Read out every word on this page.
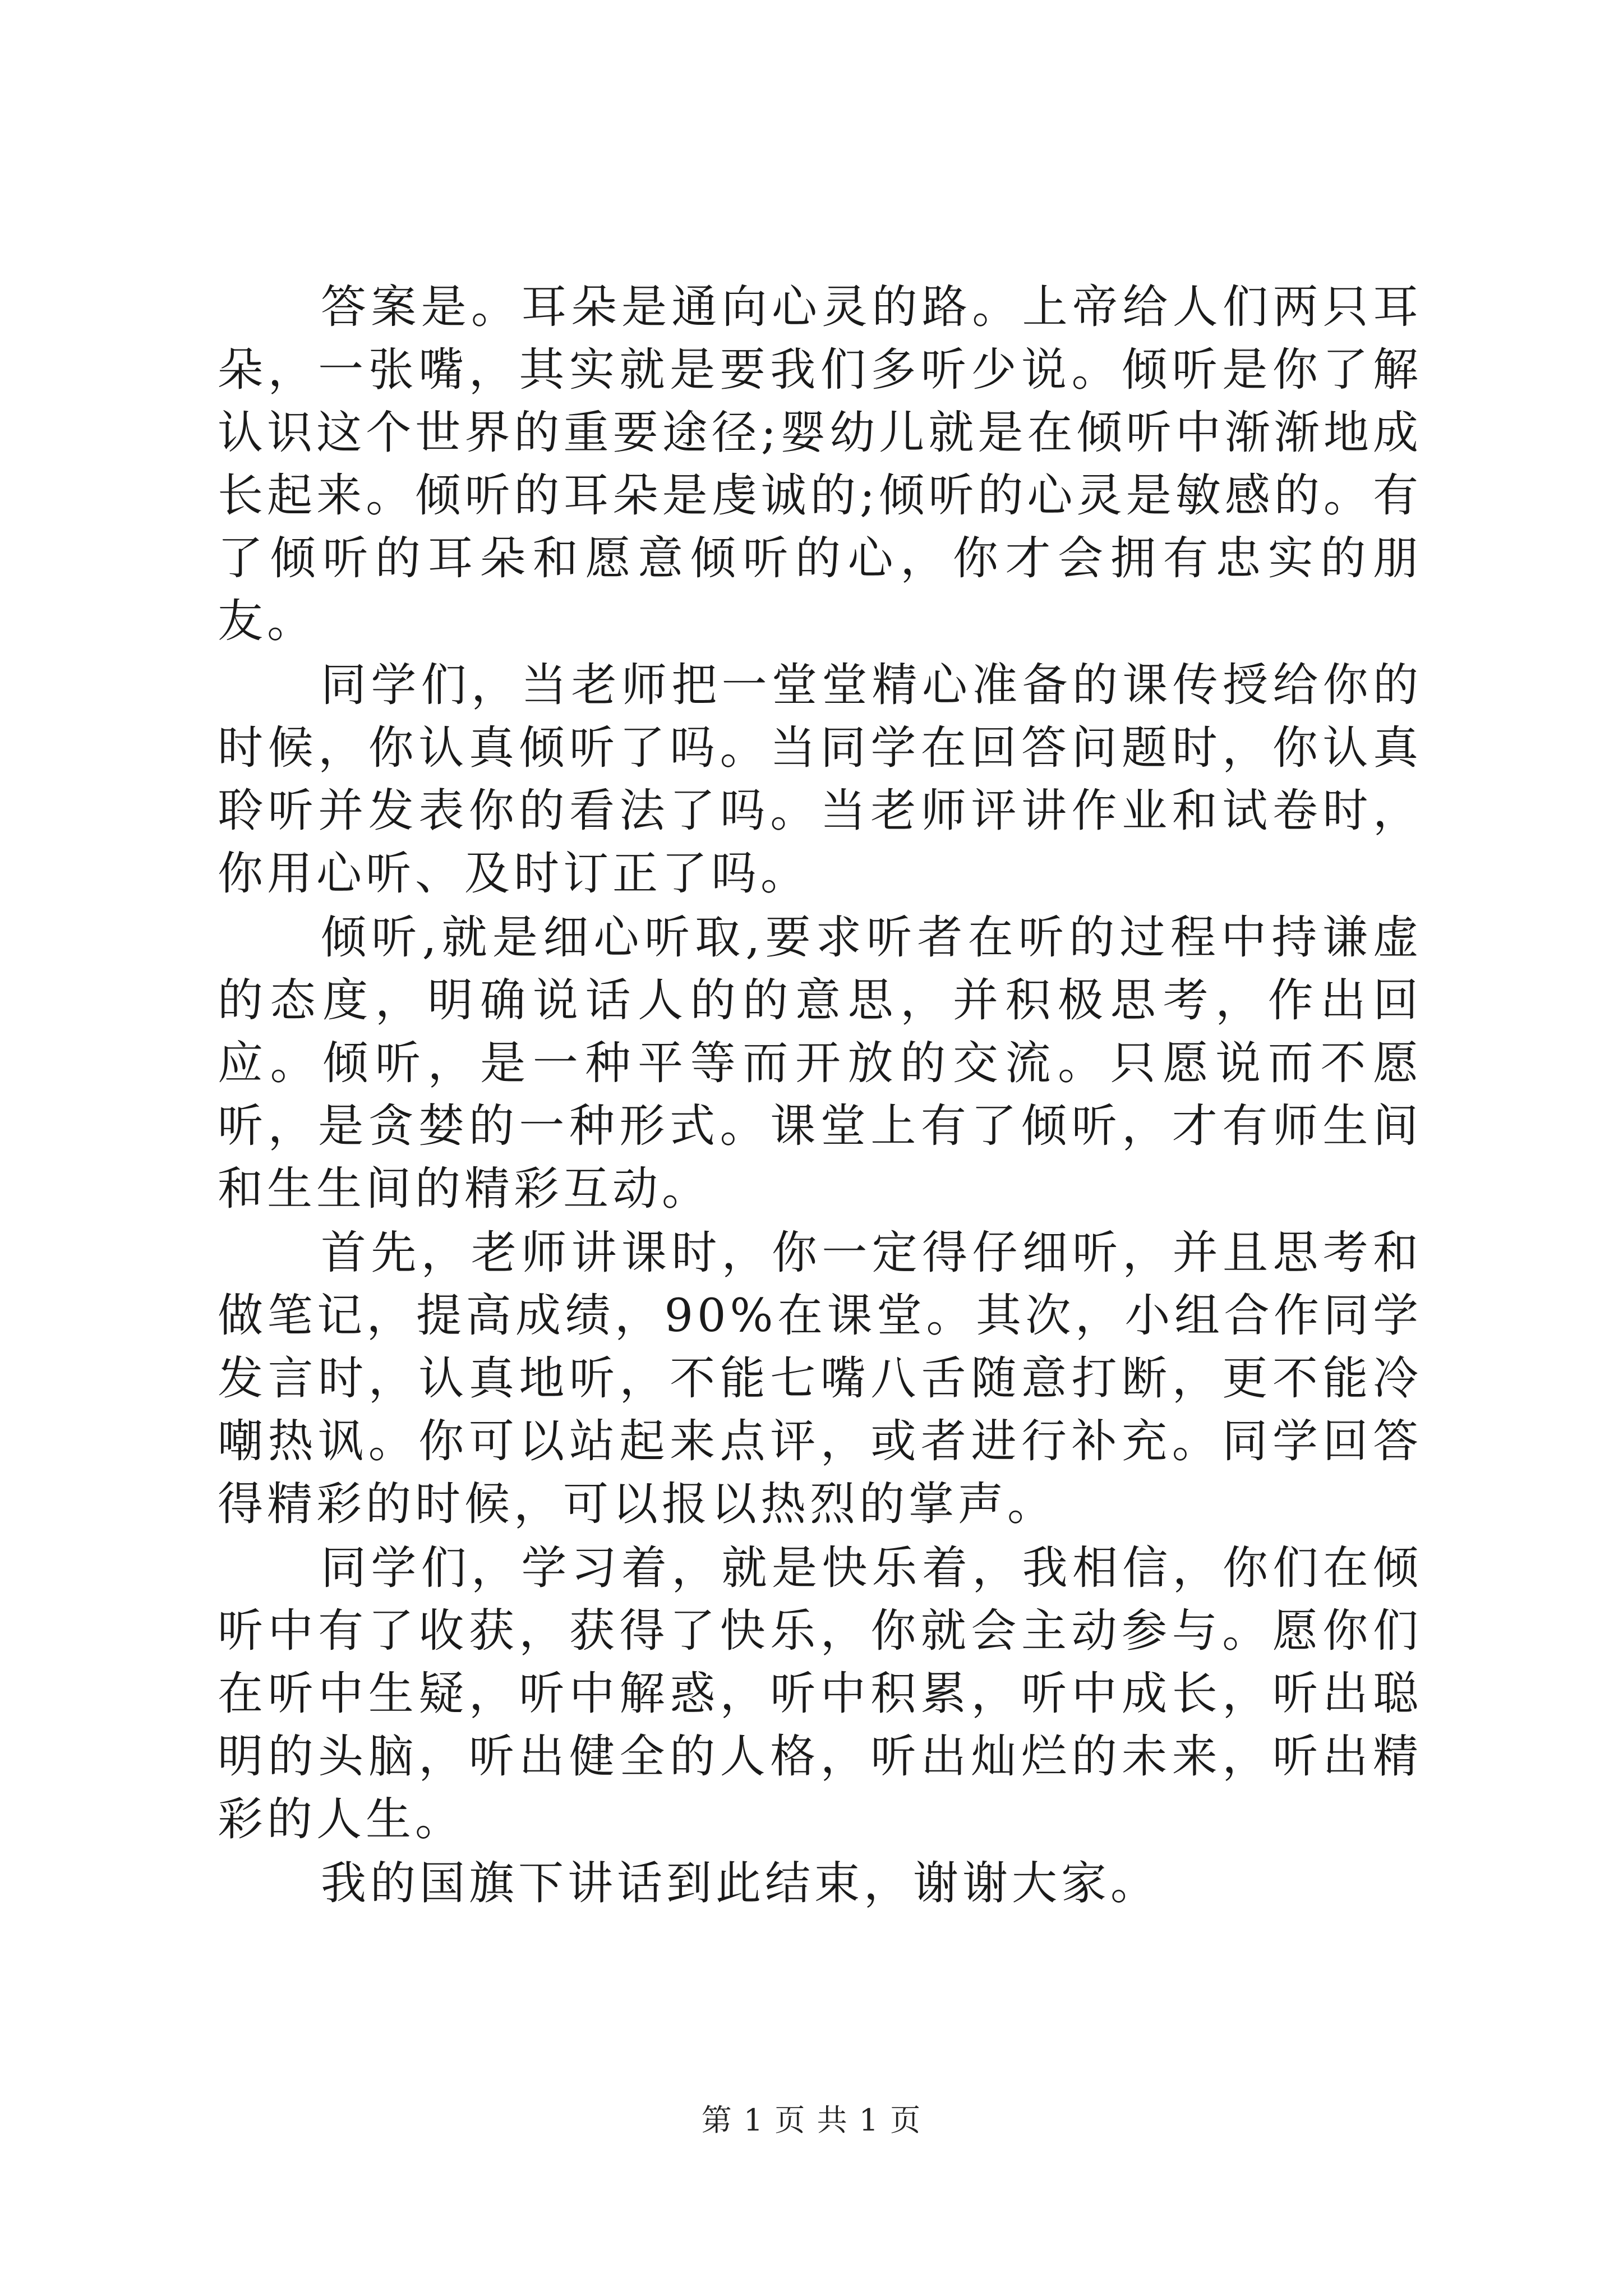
答案是。耳朵是通向心灵的路。上帝给人们两只耳朵，一张嘴，其实就是要我们多听少说。倾听是你了解认识这个世界的重要途径;婴幼儿就是在倾听中渐渐地成长起来。倾听的耳朵是虔诚的;倾听的心灵是敏感的。有了倾听的耳朵和愿意倾听的心，你才会拥有忠实的朋友。

同学们，当老师把一堂堂精心准备的课传授给你的时候，你认真倾听了吗。当同学在回答问题时，你认真聆听并发表你的看法了吗。当老师评讲作业和试卷时，你用心听、及时订正了吗。

倾听,就是细心听取,要求听者在听的过程中持谦虚的态度，明确说话人的的意思，并积极思考，作出回应。倾听，是一种平等而开放的交流。只愿说而不愿听，是贪婪的一种形式。课堂上有了倾听，才有师生间和生生间的精彩互动。

首先，老师讲课时，你一定得仔细听，并且思考和做笔记，提高成绩，90%在课堂。其次，小组合作同学发言时，认真地听，不能七嘴八舌随意打断，更不能冷嘲热讽。你可以站起来点评，或者进行补充。同学回答得精彩的时候，可以报以热烈的掌声。

同学们，学习着，就是快乐着，我相信，你们在倾听中有了收获，获得了快乐，你就会主动参与。愿你们在听中生疑，听中解惑，听中积累，听中成长，听出聪明的头脑，听出健全的人格，听出灿烂的未来，听出精彩的人生。

我的国旗下讲话到此结束，谢谢大家。

第 1 页 共 1 页
